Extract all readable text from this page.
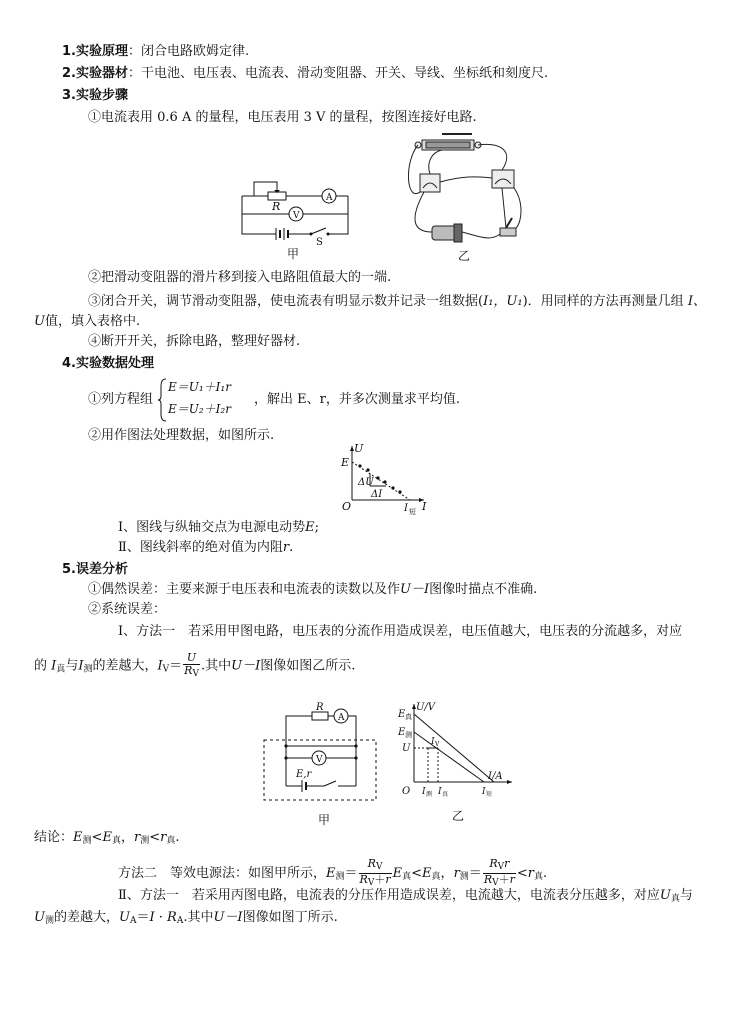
1.实验原理：闭合电路欧姆定律.
2.实验器材：干电池、电压表、电流表、滑动变阻器、开关、导线、坐标纸和刻度尺.
3.实验步骤
①电流表用 0.6 A 的量程，电压表用 3 V 的量程，按图连接好电路.
A
V
R
S
甲	乙
②把滑动变阻器的滑片移到接入电路阻值最大的一端.
③闭合开关，调节滑动变阻器，使电流表有明显示数并记录一组数据(I₁，U₁)．用同样的方法再测量几组 I、
U值，填入表格中.
④断开开关，拆除电路，整理好器材.
4.实验数据处理
①列方程组
E＝U₁＋I₁r
E＝U₂＋I₂r
，解出 E、r，并多次测量求平均值.
②用作图法处理数据，如图所示.
U
E
O	I
ΔU
ΔI
I 短
Ⅰ、图线与纵轴交点为电源电动势E;
Ⅱ、图线斜率的绝对值为内阻r.
5.误差分析
①偶然误差：主要来源于电压表和电流表的读数以及作U－I图像时描点不准确.
②系统误差：
Ⅰ、方法一　若采用甲图电路，电压表的分流作用造成误差，电压值越大，电压表的分流越多，对应
的 $I_真$与$I_测$的差越大，$I_V= \frac{U}{R_V}$ .其中U－I图像如图乙所示.
R
A
V
E,r
甲
U/V
E 真
E 测
U
I V
I/A
O I 测 I 真	I 短
乙
结论：$E_测<E_真$，$r_测<r_真$.
方法二　等效电源法：如图甲所示，$E_测= \frac{R_V}{R_V+r} E_真<E_真$，$r_测= \frac{R_Vr}{R_V+r} <r_真$.
Ⅱ、方法一　若采用丙图电路，电流表的分压作用造成误差，电流越大，电流表分压越多，对应$U_真$与
$U_测$的差越大，$U_A=I \cdot R_A$.其中U－I图像如图丁所示.
